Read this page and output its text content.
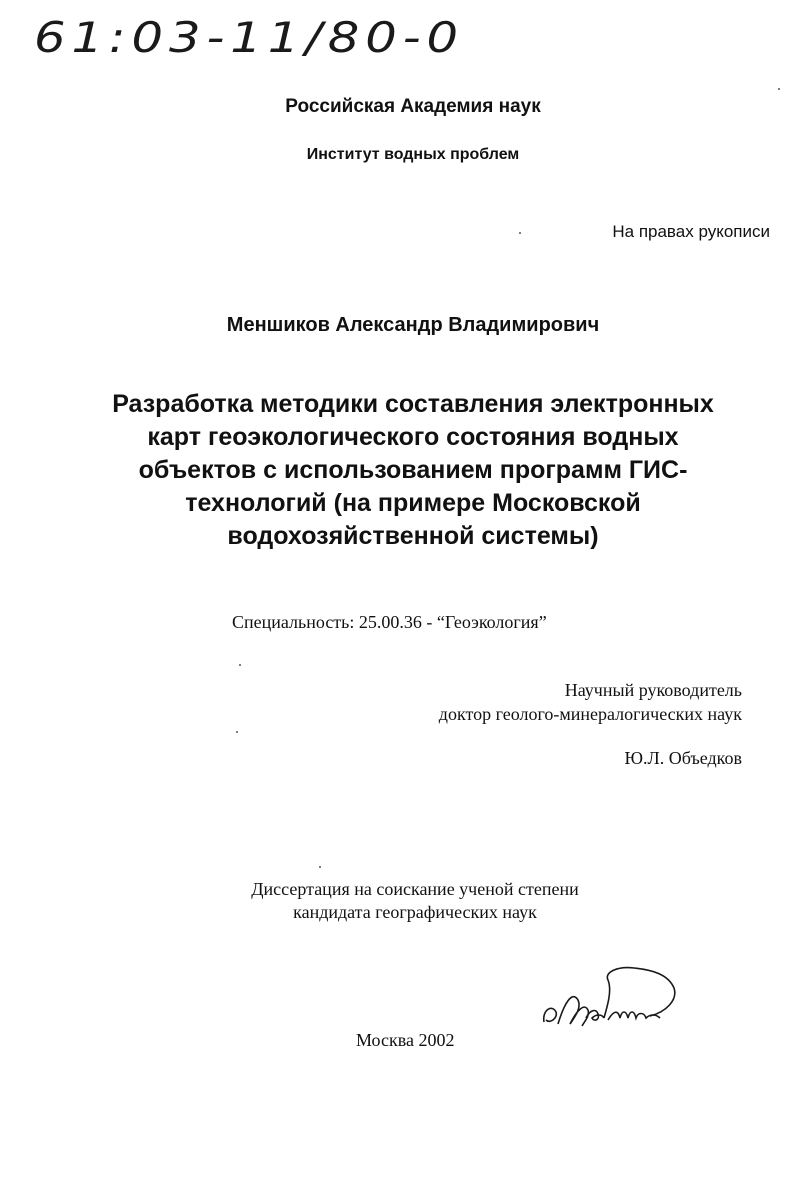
61:03-11/80-0
Российская Академия наук
Институт водных проблем
На правах рукописи
Меншиков Александр Владимирович
Разработка методики составления электронных
карт геоэкологического состояния водных
объектов с использованием программ ГИС-
технологий (на примере Московской
водохозяйственной системы)
Специальность: 25.00.36 - “Геоэкология”
Научный руководитель
доктор геолого-минералогических наук
Ю.Л. Объедков
Диссертация на соискание ученой степени
кандидата географических наук
Москва 2002
